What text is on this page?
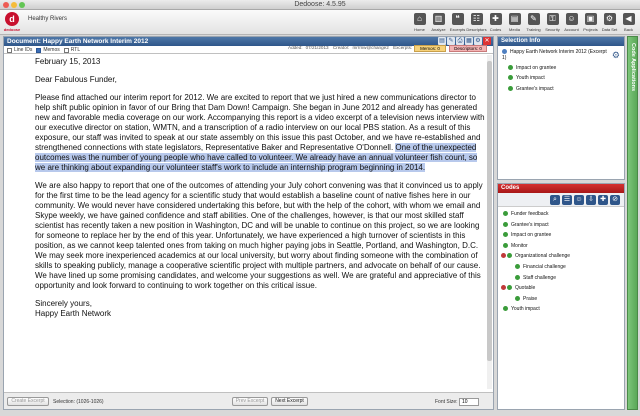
Dedoose: 4.5.95
d
dedoose
Healthy Rivers	⌂
Home
▥
Analyze
❝
Excerpts
☷
Descriptors
✚
Codes
▤
Media
✎
Training
⚿
Security
☺
Account
▣
Projects
⚙
Data Set
◀
Back
Document: Happy Earth Network Interim 2012	▤ ✎ ⎙ ▦ ⚙ ✕
Added: 07/21/2013 Creator: mrrmw@change2 Excerpts:
Line IDs Memos RTL	Memos: 0	Descriptors: 0

February 15, 2013

Dear Fabulous Funder,

Please find attached our interim report for 2012. We are excited to report that we just hired a new communications director to help shift public opinion in favor of our Bring that Dam Down! Campaign. She began in June 2012 and already has generated new and favorable media coverage on our work. Accompanying this report is a video excerpt of a television news interview with our executive director on station, WMTN, and a transcription of a radio interview on our local PBS station. As a result of this exposure, our staff was invited to speak at our state assembly on this issue this past October, and we have re-established and strengthened connections with state legislators, Representative Baker and Representative O'Donnell. One of the unexpected outcomes was the number of young people who have called to volunteer. We already have an annual volunteer fish count, so we are thinking about expanding our volunteer staff's work to include an internship program beginning in 2014.

We are also happy to report that one of the outcomes of attending your July cohort convening was that it convinced us to apply for the first time to be the lead agency for a scientific study that would establish a baseline count of native fishes here in our community. We would never have considered undertaking this before, but with the help of the cohort, with whom we email and Skype weekly, we have gained confidence and staff abilities. One of the challenges, however, is that our most skilled staff scientist has recently taken a new position in Washington, DC and will be unable to continue on this project, so we are looking for someone to replace her by the end of this year. Unfortunately, we have experienced a high turnover of scientists in this position, as we cannot keep talented ones from taking on much higher paying jobs in Seattle, Portland, and Washington, D.C. We may seek more inexperienced academics at our local university, but worry about finding someone with the combination of skills to speaking publicly, manage a cooperative scientific project with multiple partners, and advocate on behalf of our cause. We have lined up some promising candidates, and welcome your suggestions as well. We are grateful and appreciative of this opportunity and look forward to continuing to work together on this critical issue.

Sincerely yours,

Happy Earth Network

Create Excerpt	Selection: (1026-1026)	Prev Excerpt	Next Excerpt	Font Size: 10
Selection Info
Happy Earth Network Interim 2012 (Excerpt 1)	⚙
Impact on grantee
Youth impact
Grantee's impact
Codes
⌕ ☰ ☺ ⇩ ✚ ⊘
Funder feedback
Grantee's impact
Impact on grantee
Monitor
Organizational challenge
Financial challenge
Staff challenge
Quotable
Praise
Youth impact
Code Applications
